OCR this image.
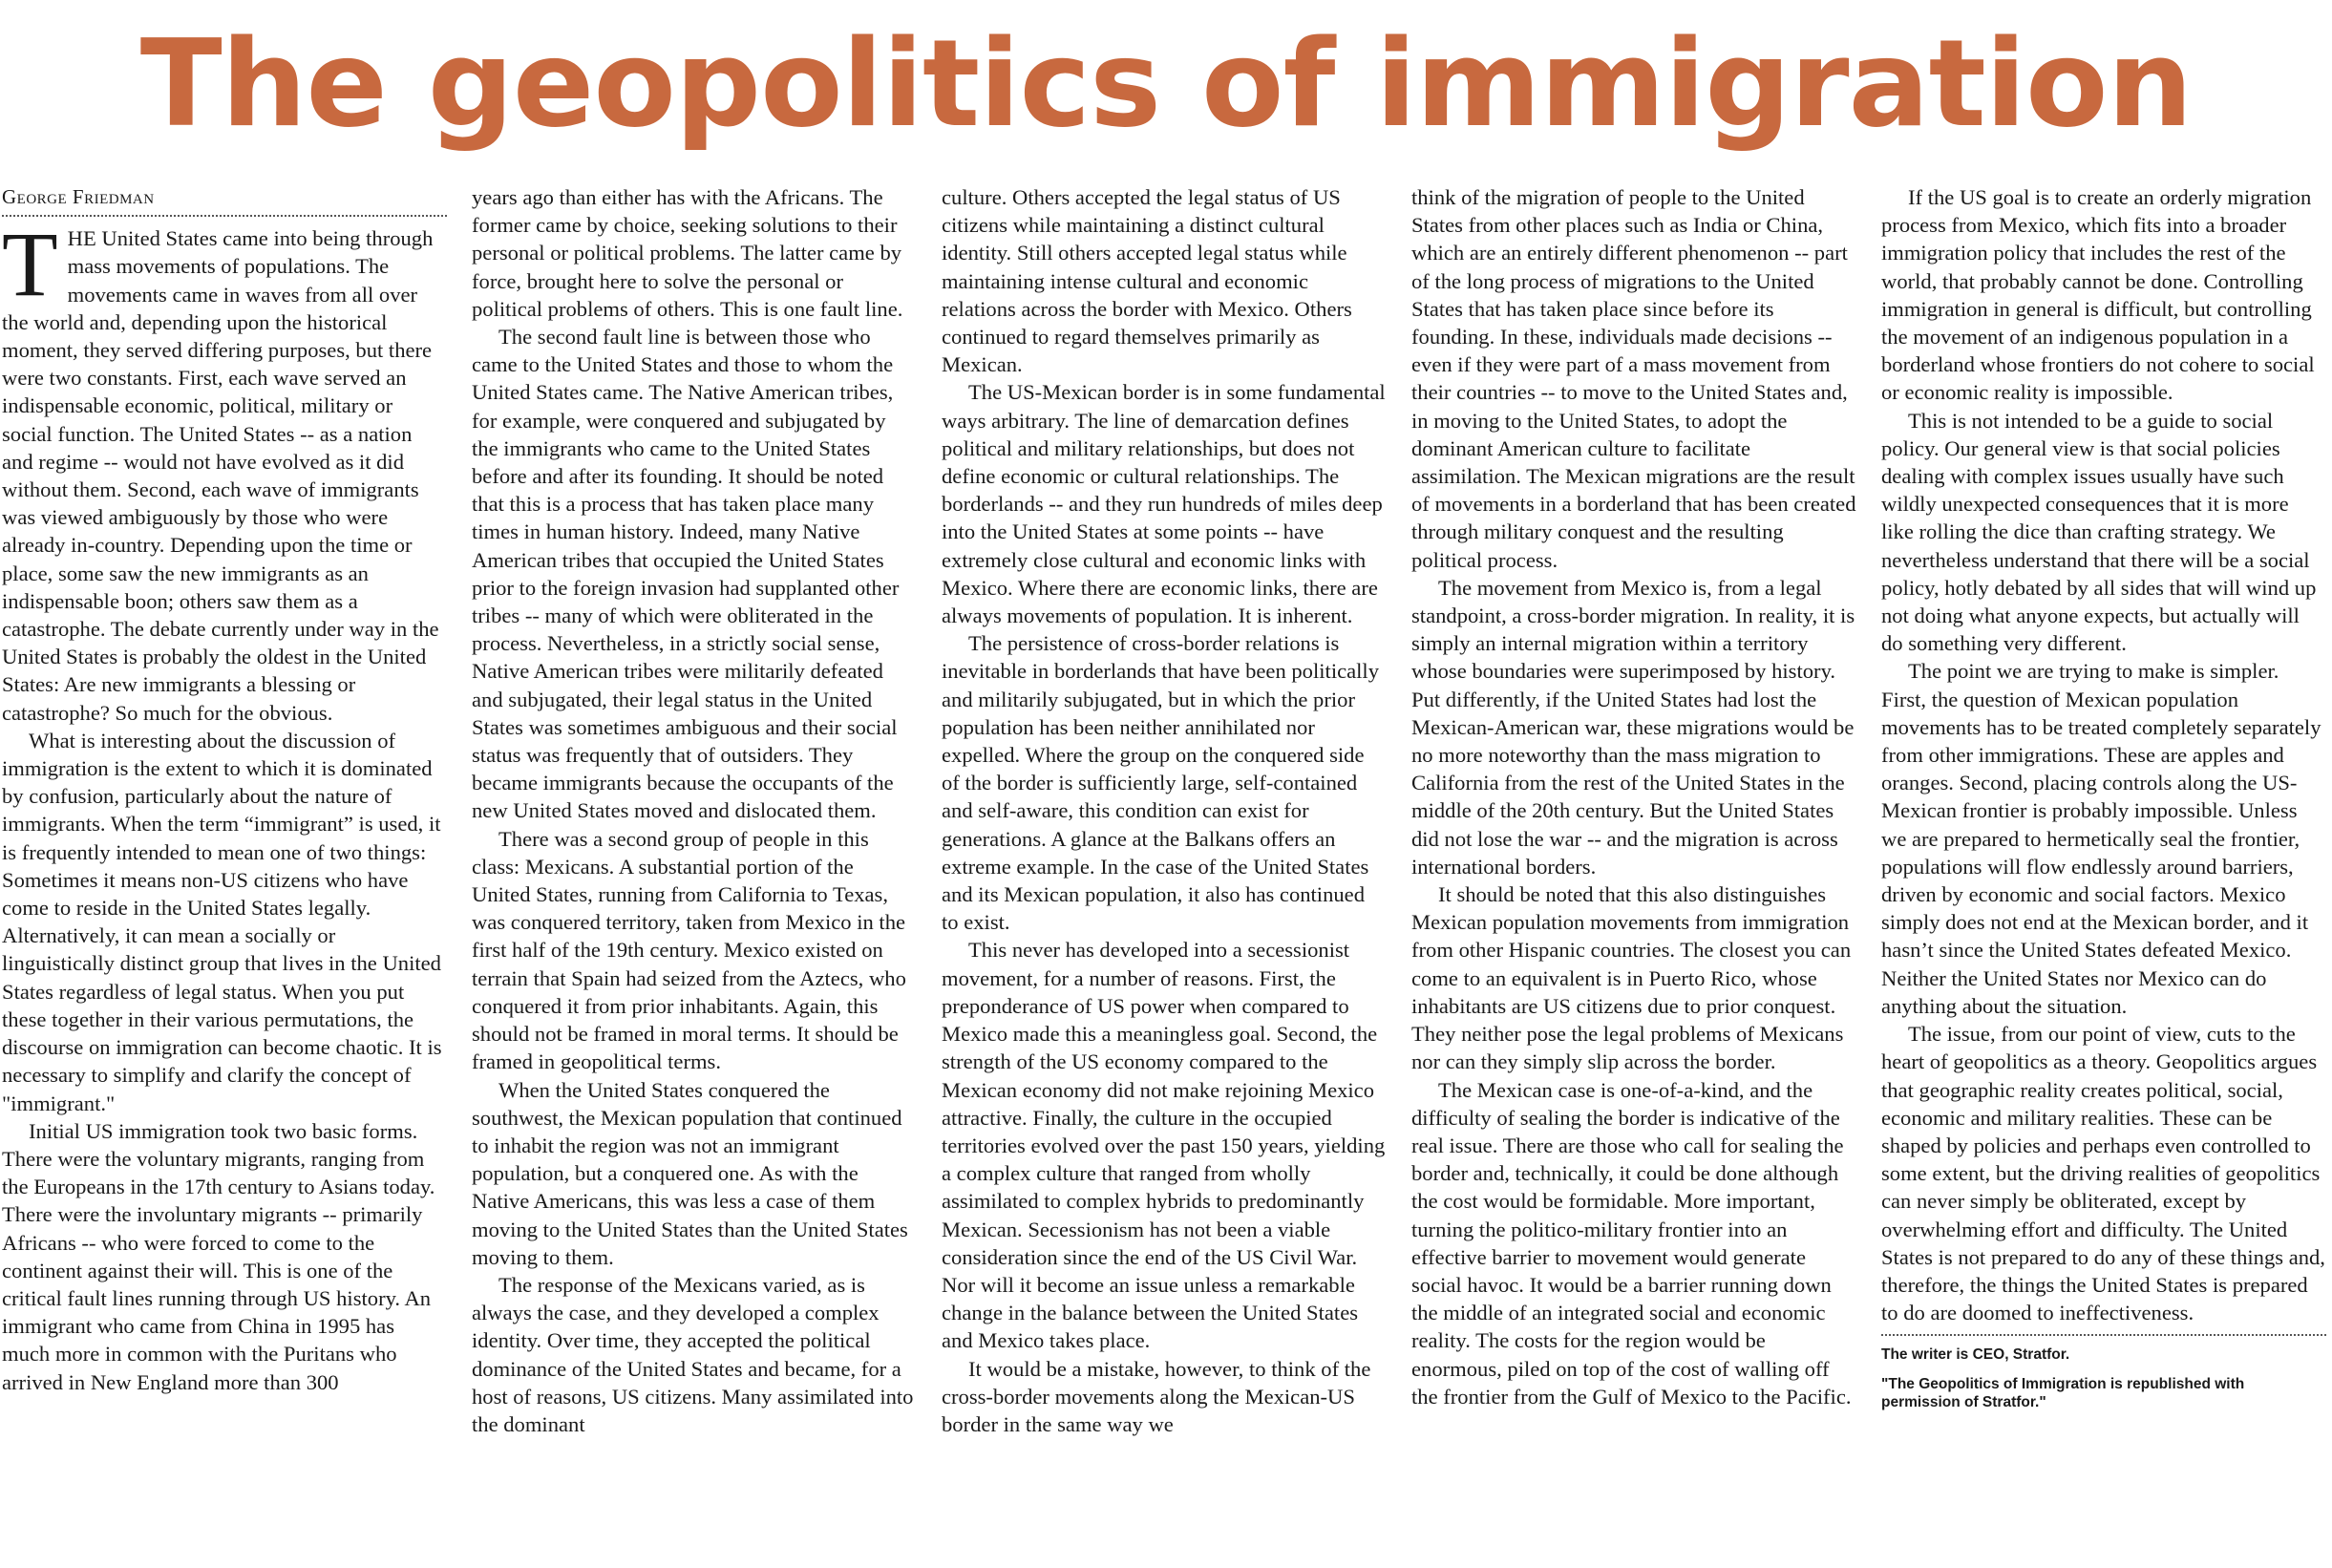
The geopolitics of immigration
George Friedman

THE United States came into being through mass movements of populations. The movements came in waves from all over the world and, depending upon the historical moment, they served differing purposes, but there were two constants. First, each wave served an indispensable economic, political, military or social function. The United States -- as a nation and regime -- would not have evolved as it did without them. Second, each wave of immigrants was viewed ambiguously by those who were already in-country. Depending upon the time or place, some saw the new immigrants as an indispensable boon; others saw them as a catastrophe. The debate currently under way in the United States is probably the oldest in the United States: Are new immigrants a blessing or catastrophe? So much for the obvious.

What is interesting about the discussion of immigration is the extent to which it is dominated by confusion, particularly about the nature of immigrants. When the term “immigrant” is used, it is frequently intended to mean one of two things: Sometimes it means non-US citizens who have come to reside in the United States legally. Alternatively, it can mean a socially or linguistically distinct group that lives in the United States regardless of legal status. When you put these together in their various permutations, the discourse on immigration can become chaotic. It is necessary to simplify and clarify the concept of "immigrant."

Initial US immigration took two basic forms. There were the voluntary migrants, ranging from the Europeans in the 17th century to Asians today. There were the involuntary migrants -- primarily Africans -- who were forced to come to the continent against their will. This is one of the critical fault lines running through US history. An immigrant who came from China in 1995 has much more in common with the Puritans who arrived in New England more than 300

years ago than either has with the Africans. The former came by choice, seeking solutions to their personal or political problems. The latter came by force, brought here to solve the personal or political problems of others. This is one fault line.

The second fault line is between those who came to the United States and those to whom the United States came. The Native American tribes, for example, were conquered and subjugated by the immigrants who came to the United States before and after its founding. It should be noted that this is a process that has taken place many times in human history. Indeed, many Native American tribes that occupied the United States prior to the foreign invasion had supplanted other tribes -- many of which were obliterated in the process. Nevertheless, in a strictly social sense, Native American tribes were militarily defeated and subjugated, their legal status in the United States was sometimes ambiguous and their social status was frequently that of outsiders. They became immigrants because the occupants of the new United States moved and dislocated them.

There was a second group of people in this class: Mexicans. A substantial portion of the United States, running from California to Texas, was conquered territory, taken from Mexico in the first half of the 19th century. Mexico existed on terrain that Spain had seized from the Aztecs, who conquered it from prior inhabitants. Again, this should not be framed in moral terms. It should be framed in geopolitical terms.

When the United States conquered the southwest, the Mexican population that continued to inhabit the region was not an immigrant population, but a conquered one. As with the Native Americans, this was less a case of them moving to the United States than the United States moving to them.

The response of the Mexicans varied, as is always the case, and they developed a complex identity. Over time, they accepted the political dominance of the United States and became, for a host of reasons, US citizens. Many assimilated into the dominant

culture. Others accepted the legal status of US citizens while maintaining a distinct cultural identity. Still others accepted legal status while maintaining intense cultural and economic relations across the border with Mexico. Others continued to regard themselves primarily as Mexican.

The US-Mexican border is in some fundamental ways arbitrary. The line of demarcation defines political and military relationships, but does not define economic or cultural relationships. The borderlands -- and they run hundreds of miles deep into the United States at some points -- have extremely close cultural and economic links with Mexico. Where there are economic links, there are always movements of population. It is inherent.

The persistence of cross-border relations is inevitable in borderlands that have been politically and militarily subjugated, but in which the prior population has been neither annihilated nor expelled. Where the group on the conquered side of the border is sufficiently large, self-contained and self-aware, this condition can exist for generations. A glance at the Balkans offers an extreme example. In the case of the United States and its Mexican population, it also has continued to exist.

This never has developed into a secessionist movement, for a number of reasons. First, the preponderance of US power when compared to Mexico made this a meaningless goal. Second, the strength of the US economy compared to the Mexican economy did not make rejoining Mexico attractive. Finally, the culture in the occupied territories evolved over the past 150 years, yielding a complex culture that ranged from wholly assimilated to complex hybrids to predominantly Mexican. Secessionism has not been a viable consideration since the end of the US Civil War. Nor will it become an issue unless a remarkable change in the balance between the United States and Mexico takes place.

It would be a mistake, however, to think of the cross-border movements along the Mexican-US border in the same way we

think of the migration of people to the United States from other places such as India or China, which are an entirely different phenomenon -- part of the long process of migrations to the United States that has taken place since before its founding. In these, individuals made decisions -- even if they were part of a mass movement from their countries -- to move to the United States and, in moving to the United States, to adopt the dominant American culture to facilitate assimilation. The Mexican migrations are the result of movements in a borderland that has been created through military conquest and the resulting political process.

The movement from Mexico is, from a legal standpoint, a cross-border migration. In reality, it is simply an internal migration within a territory whose boundaries were superimposed by history. Put differently, if the United States had lost the Mexican-American war, these migrations would be no more noteworthy than the mass migration to California from the rest of the United States in the middle of the 20th century. But the United States did not lose the war -- and the migration is across international borders.

It should be noted that this also distinguishes Mexican population movements from immigration from other Hispanic countries. The closest you can come to an equivalent is in Puerto Rico, whose inhabitants are US citizens due to prior conquest. They neither pose the legal problems of Mexicans nor can they simply slip across the border.

The Mexican case is one-of-a-kind, and the difficulty of sealing the border is indicative of the real issue. There are those who call for sealing the border and, technically, it could be done although the cost would be formidable. More important, turning the politico-military frontier into an effective barrier to movement would generate social havoc. It would be a barrier running down the middle of an integrated social and economic reality. The costs for the region would be enormous, piled on top of the cost of walling off the frontier from the Gulf of Mexico to the Pacific.

If the US goal is to create an orderly migration process from Mexico, which fits into a broader immigration policy that includes the rest of the world, that probably cannot be done. Controlling immigration in general is difficult, but controlling the movement of an indigenous population in a borderland whose frontiers do not cohere to social or economic reality is impossible.

This is not intended to be a guide to social policy. Our general view is that social policies dealing with complex issues usually have such wildly unexpected consequences that it is more like rolling the dice than crafting strategy. We nevertheless understand that there will be a social policy, hotly debated by all sides that will wind up not doing what anyone expects, but actually will do something very different.

The point we are trying to make is simpler. First, the question of Mexican population movements has to be treated completely separately from other immigrations. These are apples and oranges. Second, placing controls along the US-Mexican frontier is probably impossible. Unless we are prepared to hermetically seal the frontier, populations will flow endlessly around barriers, driven by economic and social factors. Mexico simply does not end at the Mexican border, and it hasn’t since the United States defeated Mexico. Neither the United States nor Mexico can do anything about the situation.

The issue, from our point of view, cuts to the heart of geopolitics as a theory. Geopolitics argues that geographic reality creates political, social, economic and military realities. These can be shaped by policies and perhaps even controlled to some extent, but the driving realities of geopolitics can never simply be obliterated, except by overwhelming effort and difficulty. The United States is not prepared to do any of these things and, therefore, the things the United States is prepared to do are doomed to ineffectiveness.

The writer is CEO, Stratfor.
"The Geopolitics of Immigration is republished with permission of Stratfor."
